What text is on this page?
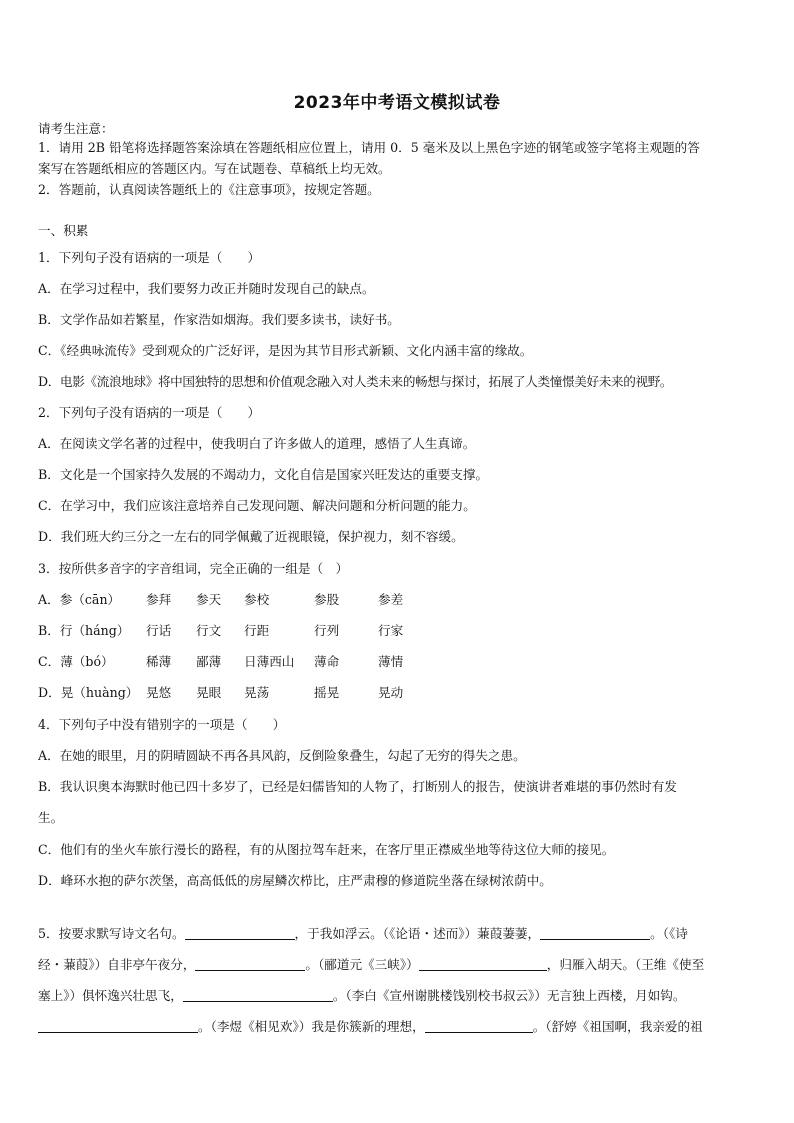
2023年中考语文模拟试卷
请考生注意：
1．请用 2B 铅笔将选择题答案涂填在答题纸相应位置上，请用 0．5 毫米及以上黑色字迹的钢笔或签字笔将主观题的答
案写在答题纸相应的答题区内。写在试题卷、草稿纸上均无效。
2．答题前，认真阅读答题纸上的《注意事项》，按规定答题。
一、积累
1．下列句子没有语病的一项是（　　）
A．在学习过程中，我们要努力改正并随时发现自己的缺点。
B．文学作品如若繁星，作家浩如烟海。我们要多读书，读好书。
C．《经典咏流传》受到观众的广泛好评，是因为其节目形式新颖、文化内涵丰富的缘故。
D．电影《流浪地球》将中国独特的思想和价值观念融入对人类未来的畅想与探讨，拓展了人类憧憬美好未来的视野。
2．下列句子没有语病的一项是（　　）
A．在阅读文学名著的过程中，使我明白了许多做人的道理，感悟了人生真谛。
B．文化是一个国家持久发展的不竭动力，文化自信是国家兴旺发达的重要支撑。
C．在学习中，我们应该注意培养自己发现问题、解决问题和分析问题的能力。
D．我们班大约三分之一左右的同学佩戴了近视眼镜，保护视力，刻不容缓。
3．按所供多音字的字音组词，完全正确的一组是（　）
A．参（cān） 参拜 参天 参校	参股	参差
B．行（háng） 行话 行文 行距	行列	行家
C．薄（bó）	稀薄 鄙薄 日薄西山 薄命	薄情
D．晃（huàng） 晃悠 晃眼 晃荡	摇晃	晃动
4．下列句子中没有错别字的一项是（　　）
A．在她的眼里，月的阴晴圆缺不再各具风韵，反倒险象叠生，勾起了无穷的得失之患。
B．我认识奥本海默时他已四十多岁了，已经是妇儒皆知的人物了，打断别人的报告，使演讲者难堪的事仍然时有发
生。
C．他们有的坐火车旅行漫长的路程，有的从图拉驾车赶来，在客厅里正襟威坐地等待这位大师的接见。
D．峰环水抱的萨尔茨堡，高高低低的房屋鳞次栉比，庄严肃穆的修道院坐落在绿树浓荫中。
5．按要求默写诗文名句。	，于我如浮云。（《论语・述而》）蒹葭萋萋，	。（《诗
经・蒹葭》）自非亭午夜分，	。（郦道元《三峡》）	，归雁入胡天。（王维《使至
塞上》）俱怀逸兴壮思飞，	。（李白《宣州谢朓楼饯别校书叔云》）无言独上西楼，月如钩。
。（李煜《相见欢》）我是你簇新的理想，	。（舒婷《祖国啊，我亲爱的祖
